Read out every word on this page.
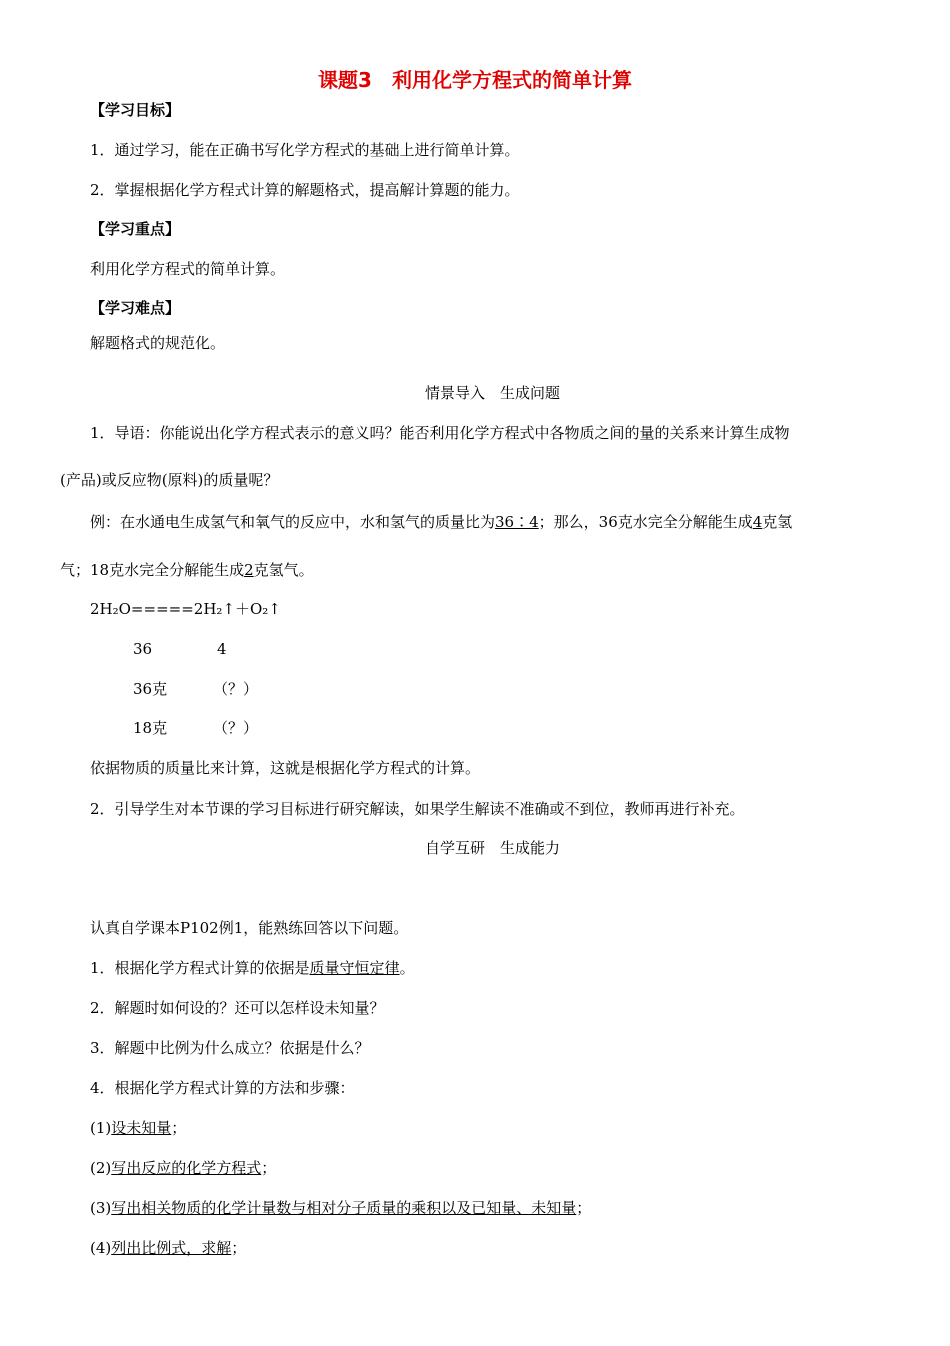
课题3　利用化学方程式的简单计算
【学习目标】
1．通过学习，能在正确书写化学方程式的基础上进行简单计算。
2．掌握根据化学方程式计算的解题格式，提高解计算题的能力。
【学习重点】
利用化学方程式的简单计算。
【学习难点】
解题格式的规范化。
情景导入　生成问题
1．导语：你能说出化学方程式表示的意义吗？能否利用化学方程式中各物质之间的量的关系来计算生成物
(产品)或反应物(原料)的质量呢？
例：在水通电生成氢气和氧气的反应中，水和氢气的质量比为36∶4；那么，36克水完全分解能生成4克氢
气；18克水完全分解能生成2克氢气。
2H₂O=====2H₂↑＋O₂↑
36	4
36克	（？）
18克	（？）
依据物质的质量比来计算，这就是根据化学方程式的计算。
2．引导学生对本节课的学习目标进行研究解读，如果学生解读不准确或不到位，教师再进行补充。
自学互研　生成能力
认真自学课本P102例1，能熟练回答以下问题。
1．根据化学方程式计算的依据是质量守恒定律。
2．解题时如何设的？还可以怎样设未知量？
3．解题中比例为什么成立？依据是什么？
4．根据化学方程式计算的方法和步骤：
(1)设未知量；
(2)写出反应的化学方程式；
(3)写出相关物质的化学计量数与相对分子质量的乘积以及已知量、未知量；
(4)列出比例式，求解；
